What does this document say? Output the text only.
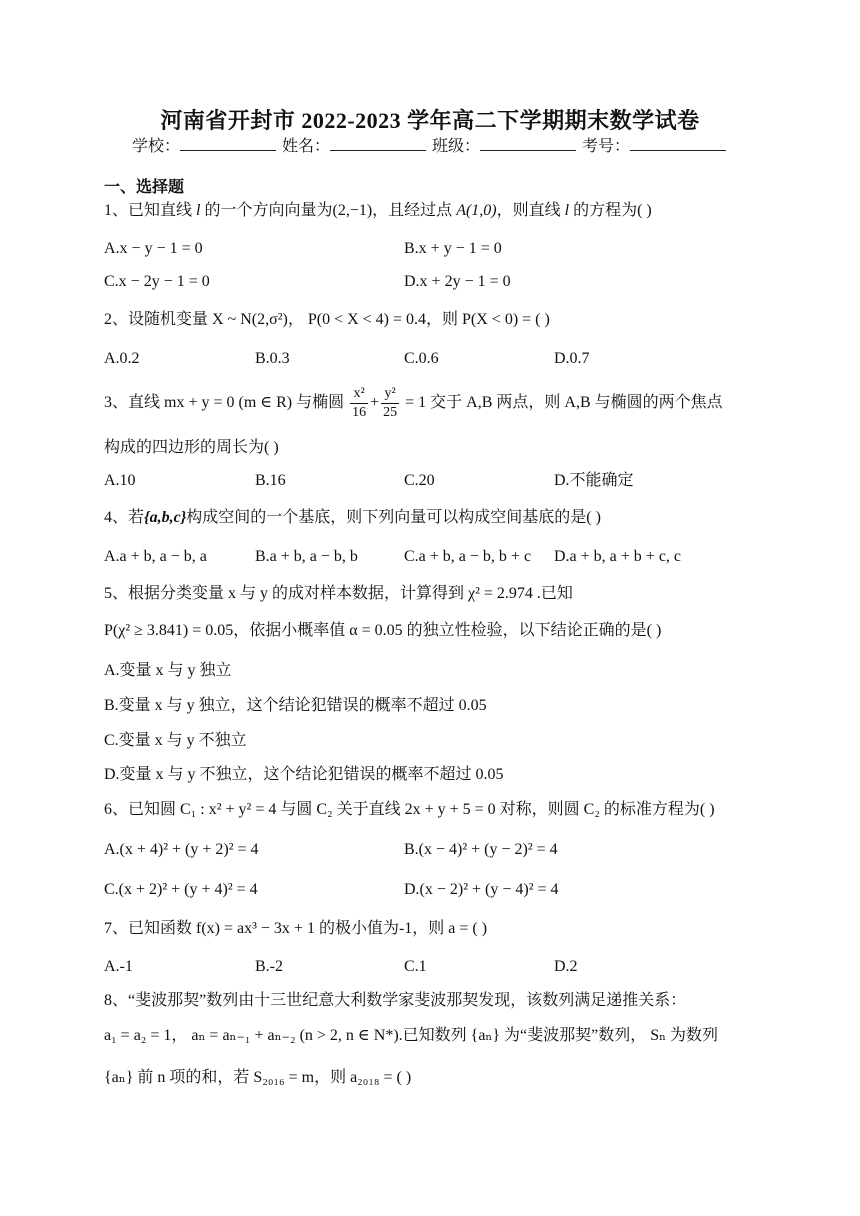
河南省开封市 2022-2023 学年高二下学期期末数学试卷
学校：	姓名：	班级：	考号：
一、选择题
1、已知直线 l 的一个方向向量为(2,−1)，且经过点 A(1,0)，则直线 l 的方程为( )
A.x − y − 1 = 0	B.x + y − 1 = 0
C.x − 2y − 1 = 0	D.x + 2y − 1 = 0
2、设随机变量 X ~ N(2,σ²)， P(0 < X < 4) = 0.4，则 P(X < 0) = ( )
A.0.2	B.0.3	C.0.6	D.0.7
3、直线 mx + y = 0 (m ∈ R) 与椭圆 $\frac{\text{x²}}{16} + \frac{\text{y²}}{25} = 1$ 交于 A,B 两点，则 A,B 与椭圆的两个焦点
构成的四边形的周长为( )
A.10	B.16	C.20	D.不能确定
4、若{a,b,c}构成空间的一个基底，则下列向量可以构成空间基底的是( )
A.a + b, a − b, a	B.a + b, a − b, b	C.a + b, a − b, b + c D.a + b, a + b + c, c
5、根据分类变量 x 与 y 的成对样本数据，计算得到 χ² = 2.974 .已知
P(χ² ≥ 3.841) = 0.05，依据小概率值 α = 0.05 的独立性检验，以下结论正确的是( )
A.变量 x 与 y 独立
B.变量 x 与 y 独立，这个结论犯错误的概率不超过 0.05
C.变量 x 与 y 不独立
D.变量 x 与 y 不独立，这个结论犯错误的概率不超过 0.05
6、已知圆 C₁ : x² + y² = 4 与圆 C₂ 关于直线 2x + y + 5 = 0 对称，则圆 C₂ 的标准方程为( )
A.(x + 4)² + (y + 2)² = 4	B.(x − 4)² + (y − 2)² = 4
C.(x + 2)² + (y + 4)² = 4	D.(x − 2)² + (y − 4)² = 4
7、已知函数 f(x) = ax³ − 3x + 1 的极小值为-1，则 a = ( )
A.-1	B.-2	C.1	D.2
8、“斐波那契”数列由十三世纪意大利数学家斐波那契发现，该数列满足递推关系：
a₁ = a₂ = 1， aₙ = aₙ₋₁ + aₙ₋₂ (n > 2, n ∈ N*).已知数列 {aₙ} 为“斐波那契”数列， Sₙ 为数列
{aₙ} 前 n 项的和，若 S₂₀₁₆ = m，则 a₂₀₁₈ = ( )
